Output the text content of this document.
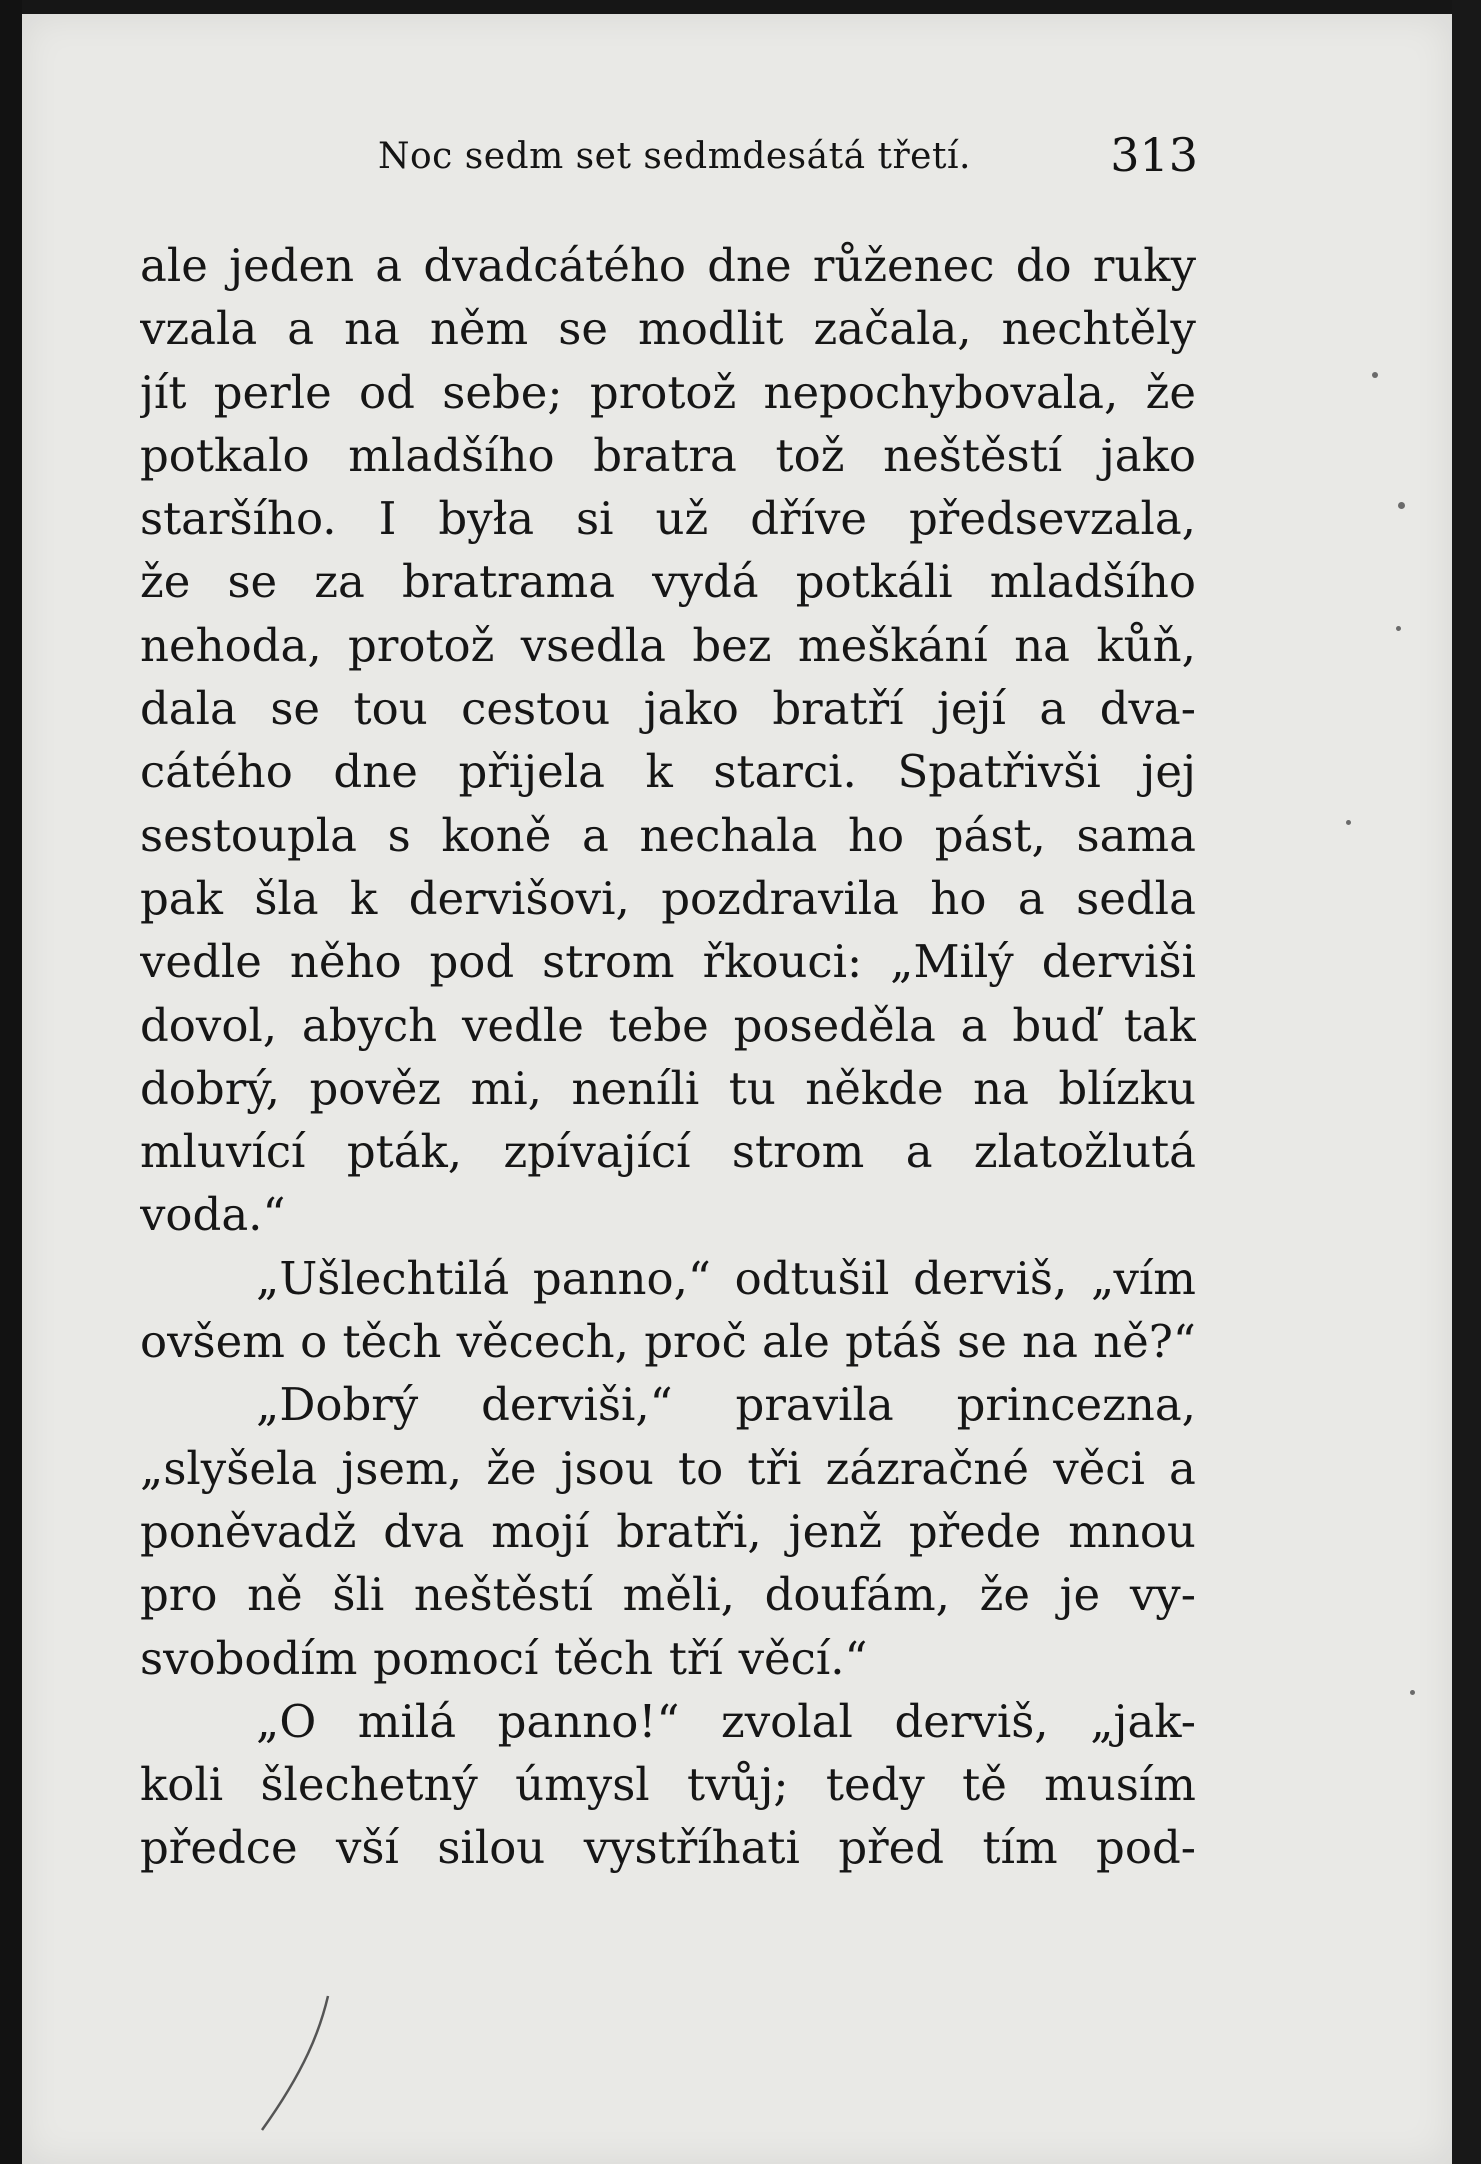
Noc sedm set sedmdesátá třetí.	313
ale jeden a dvadcátého dne růženec do ruky
vzala a na něm se modlit začala, nechtěly
jít perle od sebe; protož nepochybovala, že
potkalo mladšího bratra tož neštěstí jako
staršího. I była si už dříve předsevzala,
že se za bratrama vydá potkáli mladšího
nehoda, protož vsedla bez meškání na kůň,
dala se tou cestou jako bratří její a dva-
cátého dne přijela k starci. Spatřivši jej
sestoupla s koně a nechala ho pást, sama
pak šla k dervišovi, pozdravila ho a sedla
vedle něho pod strom řkouci: „Milý derviši
dovol, abych vedle tebe poseděla a buď tak
dobrý, pověz mi, neníli tu někde na blízku
mluvící pták, zpívající strom a zlatožlutá
voda.“
„Ušlechtilá panno,“ odtušil derviš, „vím
ovšem o těch věcech, proč ale ptáš se na ně?“
„Dobrý derviši,“ pravila princezna,
„slyšela jsem, že jsou to tři zázračné věci a
poněvadž dva mojí bratři, jenž přede mnou
pro ně šli neštěstí měli, doufám, že je vy-
svobodím pomocí těch tří věcí.“
„O milá panno!“ zvolal derviš, „jak-
koli šlechetný úmysl tvůj; tedy tě musím
předce vší silou vystříhati před tím pod-
